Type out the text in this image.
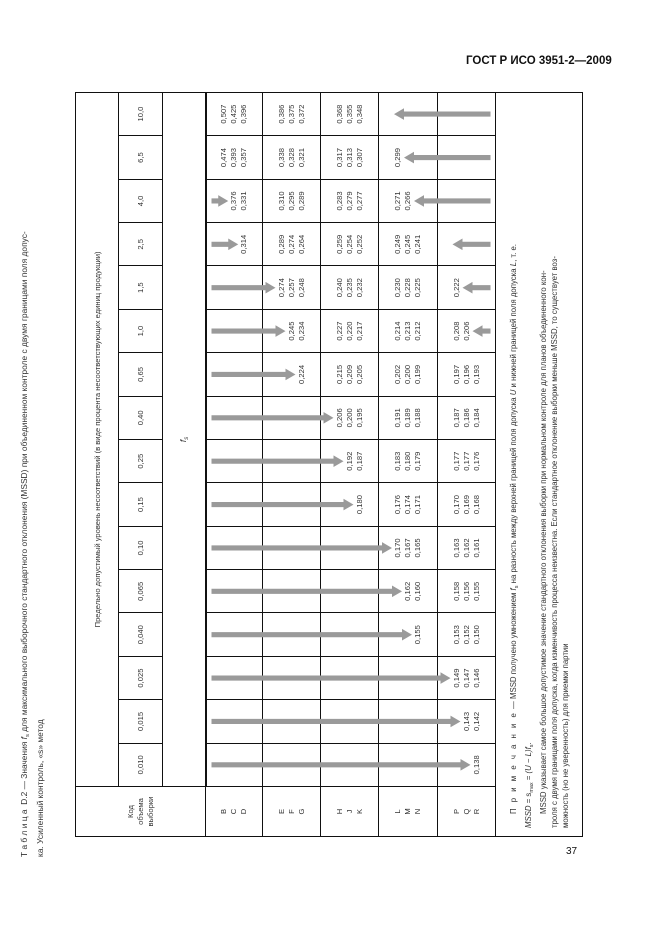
ГОСТ Р ИСО 3951-2—2009
37
Т а б л и ц а  D.2 — Значения $f_s$ для максимального выборочного стандартного отклонения (MSSD) при объединенном контроле с двумя границами поля допус-
ка. Усиленный контроль, «s» метод	Код объема выборки	Предельно допустимый уровень несоответствий (в виде процента несоответствующих единиц продукции)															
	0,010	0,015	0,025	0,040	0,065	0,10	0,15	0,25	0,40	0,65	1,0	1,5	2,5	4,0	6,5	10,0
	$f_s$

B C D													0,314	0,376 0,331	0,474 0,393 0,357	0,507 0,425 0,396

E F G										0,224	0,245 0,234	0,274 0,257 0,248	0,289 0,274 0,264	0,310 0,295 0,289	0,338 0,328 0,321	0,386 0,375 0,372

H J K							0,180	0,192 0,187	0,206 0,200 0,195	0,215 0,209 0,205	0,227 0,220 0,217	0,240 0,235 0,232	0,259 0,254 0,252	0,283 0,279 0,277	0,317 0,313 0,307	0,368 0,355 0,348

L M N				0,155	0,162 0,160	0,170 0,167 0,165	0,176 0,174 0,171	0,183 0,180 0,179	0,191 0,189 0,188	0,202 0,200 0,199	0,214 0,213 0,212	0,230 0,228 0,225	0,249 0,245 0,241	0,271 0,266	0,299	

P Q R	0,138	0,143 0,142	0,149 0,147 0,146	0,153 0,152 0,150	0,158 0,156 0,155	0,163 0,162 0,161	0,170 0,169 0,168	0,177 0,177 0,176	0,187 0,186 0,184	0,197 0,196 0,193	0,208 0,206	0,222				

П р и м е ч а н и е — MSSD получено умножением $f_s$ на разность между верхней границей поля допуска U и нижней границей поля допуска L, т. е.
MSSD = $s_{max} = (U - L)f_s$. MSSD указывает самое большое допустимое значение стандартного отклонения выборки при нормальном контроле для планов объединенного кон- троля с двумя границами поля допуска, когда изменчивость процесса неизвестна. Если стандартное отклонение выборки меньше MSSD, то существует воз- можность (но не уверенность) для приемки партии																
